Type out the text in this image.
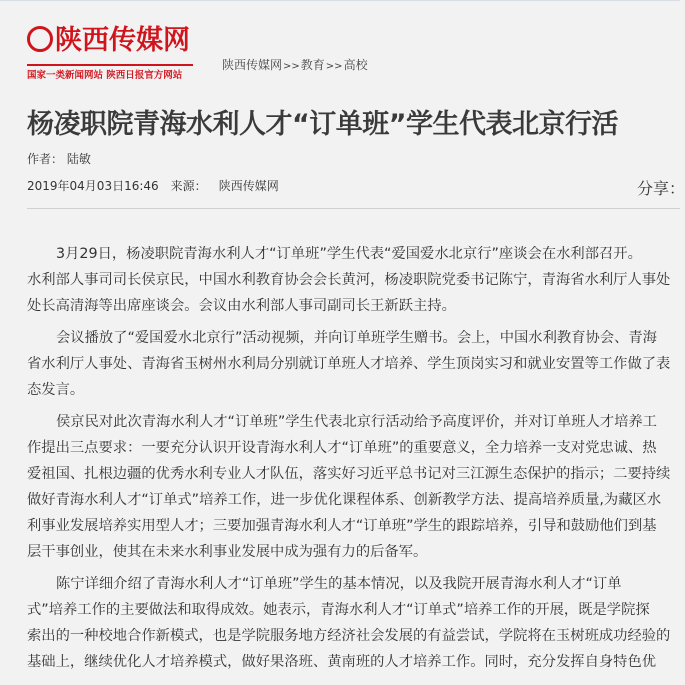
陕西传媒网
国家一类新闻网站 陕西日报官方网站
陕西传媒网>>教育>>高校
杨凌职院青海水利人才“订单班”学生代表北京行活
作者： 陆敏
2019年04月03日16:46 来源： 陕西传媒网	分享：
3月29日，杨凌职院青海水利人才“订单班”学生代表“爱国爱水北京行”座谈会在水利部召开。
水利部人事司司长侯京民，中国水利教育协会会长黄河，杨凌职院党委书记陈宁，青海省水利厅人事处
处长高清海等出席座谈会。会议由水利部人事司副司长王新跃主持。
会议播放了“爱国爱水北京行”活动视频，并向订单班学生赠书。会上，中国水利教育协会、青海
省水利厅人事处、青海省玉树州水利局分别就订单班人才培养、学生顶岗实习和就业安置等工作做了表
态发言。
侯京民对此次青海水利人才“订单班”学生代表北京行活动给予高度评价，并对订单班人才培养工
作提出三点要求：一要充分认识开设青海水利人才“订单班”的重要意义，全力培养一支对党忠诚、热
爱祖国、扎根边疆的优秀水利专业人才队伍，落实好习近平总书记对三江源生态保护的指示；二要持续
做好青海水利人才“订单式”培养工作，进一步优化课程体系、创新教学方法、提高培养质量,为藏区水
利事业发展培养实用型人才；三要加强青海水利人才“订单班”学生的跟踪培养，引导和鼓励他们到基
层干事创业，使其在未来水利事业发展中成为强有力的后备军。
陈宁详细介绍了青海水利人才“订单班”学生的基本情况，以及我院开展青海水利人才“订单
式”培养工作的主要做法和取得成效。她表示，青海水利人才“订单式”培养工作的开展，既是学院探
索出的一种校地合作新模式，也是学院服务地方经济社会发展的有益尝试，学院将在玉树班成功经验的
基础上，继续优化人才培养模式，做好果洛班、黄南班的人才培养工作。同时，充分发挥自身特色优
